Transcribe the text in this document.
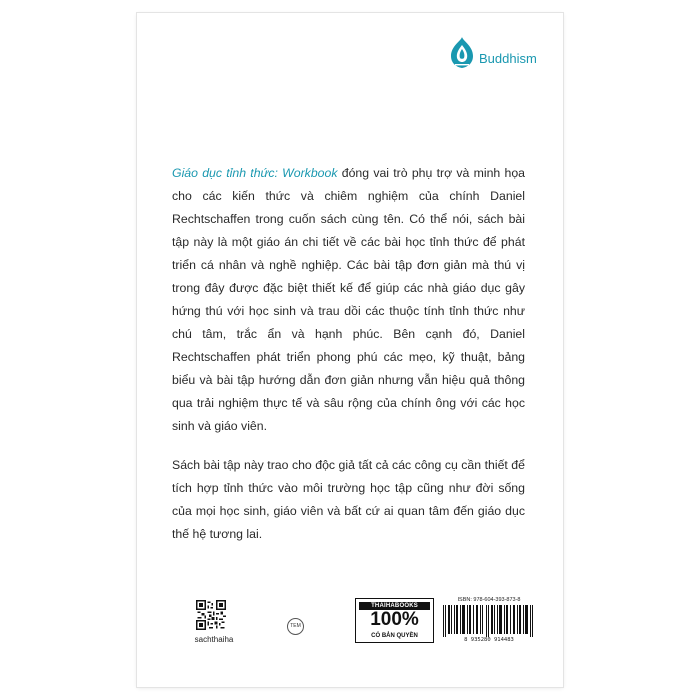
Buddhism

Giáo dục tỉnh thức: Workbook đóng vai trò phụ trợ và minh họa cho các kiến thức và chiêm nghiệm của chính Daniel Rechtschaffen trong cuốn sách cùng tên. Có thể nói, sách bài tập này là một giáo án chi tiết về các bài học tỉnh thức để phát triển cá nhân và nghề nghiệp. Các bài tập đơn giản mà thú vị trong đây được đặc biệt thiết kế để giúp các nhà giáo dục gây hứng thú với học sinh và trau dồi các thuộc tính tỉnh thức như chú tâm, trắc ẩn và hạnh phúc. Bên cạnh đó, Daniel Rechtschaffen phát triển phong phú các mẹo, kỹ thuật, bảng biểu và bài tập hướng dẫn đơn giản nhưng vẫn hiệu quả thông qua trải nghiệm thực tế và sâu rộng của chính ông với các học sinh và giáo viên.

Sách bài tập này trao cho độc giả tất cả các công cụ cần thiết để tích hợp tỉnh thức vào môi trường học tập cũng như đời sống của mọi học sinh, giáo viên và bất cứ ai quan tâm đến giáo dục thế hệ tương lai.

sachthaiha
TEM
THAIHABOOKS
100%
CÓ BẢN QUYỀN
ISBN: 978-604-393-873-8
8 935280 914483
